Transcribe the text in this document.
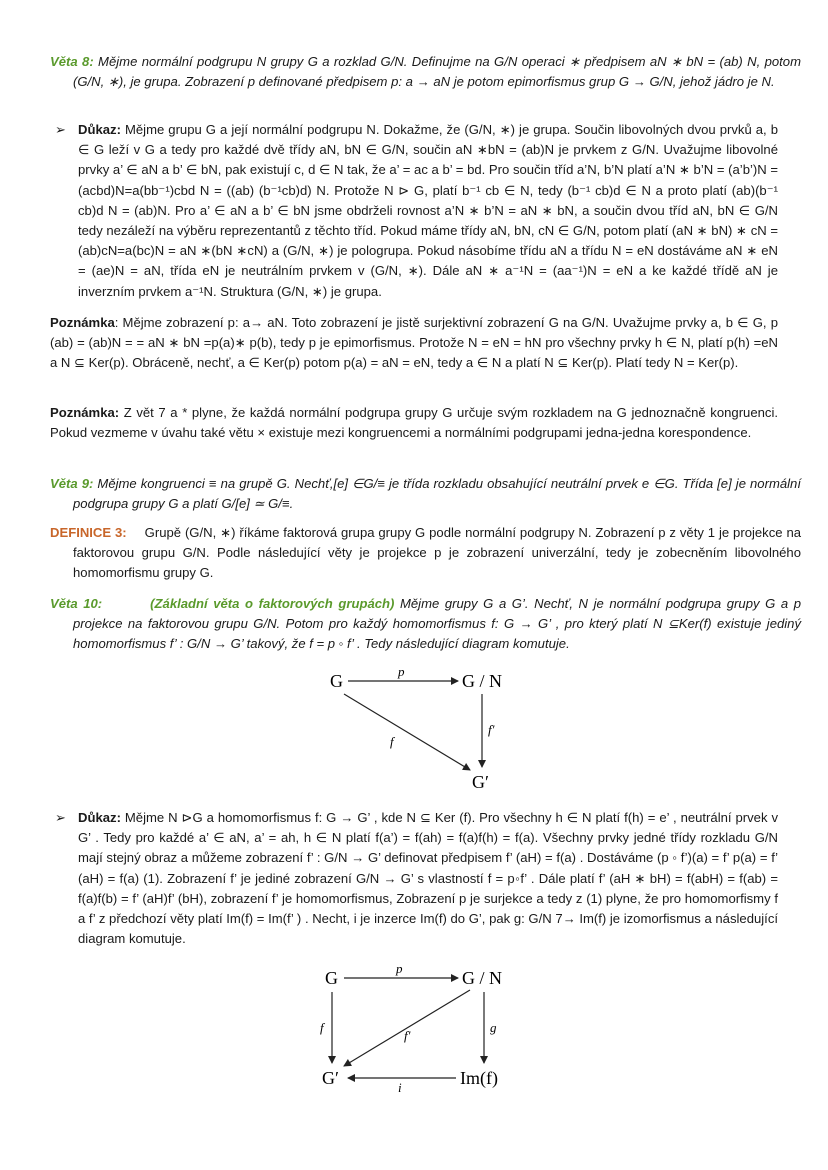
Věta 8: Mějme normální podgrupu N grupy G a rozklad G/N. Definujme na G/N operaci ∗ předpisem aN ∗ bN = (ab) N, potom (G/N, ∗), je grupa. Zobrazení p definované předpisem p: a → aN je potom epimorfismus grup G → G/N, jehož jádro je N.
➢ Důkaz: Mějme grupu G a její normální podgrupu N. Dokažme, že (G/N, ∗) je grupa. Součin libovolných dvou prvků a, b ∈ G leží v G a tedy pro každé dvě třídy aN, bN ∈ G/N, součin aN ∗bN = (ab)N je prvkem z G/N. Uvažujme libovolné prvky a’ ∈ aN a b’ ∈ bN, pak existují c, d ∈ N tak, že a’ = ac a b’ = bd. Pro součin tříd a’N, b’N platí a’N ∗ b’N = (a’b’)N = (acbd)N=a(bb⁻¹)cbd N = ((ab) (b⁻¹cb)d) N. Protože N ⊳ G, platí b⁻¹ cb ∈ N, tedy (b⁻¹ cb)d ∈ N a proto platí (ab)(b⁻¹ cb)d N = (ab)N. Pro a’ ∈ aN a b’ ∈ bN jsme obdrželi rovnost a’N ∗ b’N = aN ∗ bN, a součin dvou tříd aN, bN ∈ G/N tedy nezáleží na výběru reprezentantů z těchto tříd. Pokud máme třídy aN, bN, cN ∈ G/N, potom platí (aN ∗ bN) ∗ cN = (ab)cN=a(bc)N = aN ∗(bN ∗cN) a (G/N, ∗) je pologrupa. Pokud násobíme třídu aN a třídu N = eN dostáváme aN ∗ eN = (ae)N = aN, třída eN je neutrálním prvkem v (G/N, ∗). Dále aN ∗ a⁻¹N = (aa⁻¹)N = eN a ke každé třídě aN je inverzním prvkem a⁻¹N. Struktura (G/N, ∗) je grupa.
Poznámka: Mějme zobrazení p: a→ aN. Toto zobrazení je jistě surjektivní zobrazení G na G/N. Uvažujme prvky a, b ∈ G, p (ab) = (ab)N = = aN ∗ bN =p(a)∗ p(b), tedy p je epimorfismus. Protože N = eN = hN pro všechny prvky h ∈ N, platí p(h) =eN a N ⊆ Ker(p). Obráceně, nechť, a ∈ Ker(p) potom p(a) = aN = eN, tedy a ∈ N a platí N ⊆ Ker(p). Platí tedy N = Ker(p).
Poznámka: Z vět 7 a * plyne, že každá normální podgrupa grupy G určuje svým rozkladem na G jednoznačně kongruenci. Pokud vezmeme v úvahu také větu × existuje mezi kongruencemi a normálními podgrupami jedna-jedna korespondence.
Věta 9: Mějme kongruenci ≡ na grupě G. Nechť,[e] ∈G/≡ je třída rozkladu obsahující neutrální prvek e ∈G. Třída [e] je normální podgrupa grupy G a platí G/[e] ≃ G/≡.
DEFINICE 3: Grupě (G/N, ∗) říkáme faktorová grupa grupy G podle normální podgrupy N. Zobrazení p z věty 1 je projekce na faktorovou grupu G/N. Podle následující věty je projekce p je zobrazení univerzální, tedy je zobecněním libovolného homomorfismu grupy G.
Věta 10:	(Základní věta o faktorových grupách) Mějme grupy G a G’. Nechť, N je normální podgrupa grupy G a p projekce na faktorovou grupu G/N. Potom pro každý homomorfismus f: G → G’ , pro který platí N ⊆Ker(f) existuje jediný homomorfismus f’ : G/N → G’ takový, že f = p ◦ f’ . Tedy následující diagram komutuje.
G	G / N
G′
p
f′
f
➢ Důkaz: Mějme N ⊳G a homomorfismus f: G → G’ , kde N ⊆ Ker (f). Pro všechny h ∈ N platí f(h) = e’ , neutrální prvek v G’ . Tedy pro každé a’ ∈ aN, a’ = ah, h ∈ N platí f(a’) = f(ah) = f(a)f(h) = f(a). Všechny prvky jedné třídy rozkladu G/N mají stejný obraz a můžeme zobrazení f’ : G/N → G’ definovat předpisem f’ (aH) = f(a) . Dostáváme (p ◦ f’)(a) = f’ p(a) = f’ (aH) = f(a) (1). Zobrazení f’ je jediné zobrazení G/N → G’ s vlastností f = p◦f’ . Dále platí f’ (aH ∗ bH) = f(abH) = f(ab) = f(a)f(b) = f’ (aH)f’ (bH), zobrazení f’ je homomorfismus, Zobrazení p je surjekce a tedy z (1) plyne, že pro homomorfismy f a f’ z předchozí věty platí Im(f) = Im(f’ ) . Necht, i je inzerce Im(f) do G’, pak g: G/N 7→ Im(f) je izomorfismus a následující diagram komutuje.
G	G / N
G′	Im(f)
p
f	g
f′
i
